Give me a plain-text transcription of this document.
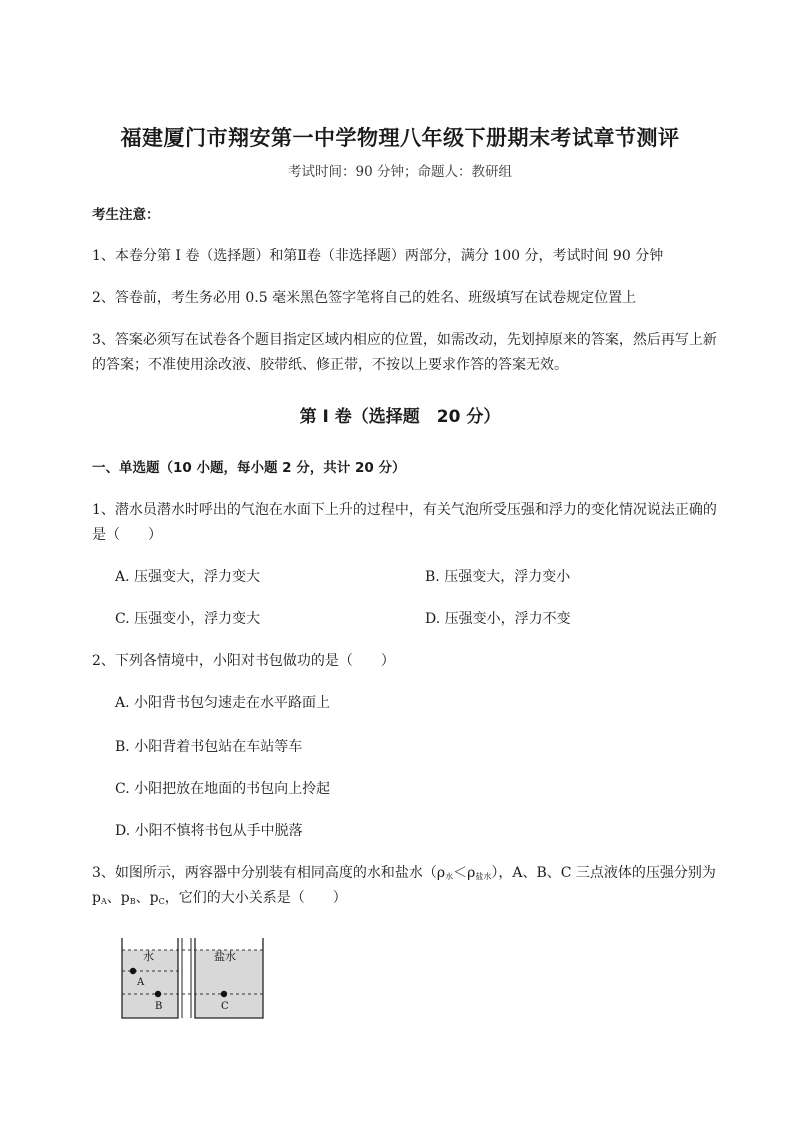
福建厦门市翔安第一中学物理八年级下册期末考试章节测评
考试时间：90 分钟；命题人：教研组
考生注意：
1、本卷分第 I 卷（选择题）和第Ⅱ卷（非选择题）两部分，满分 100 分，考试时间 90 分钟
2、答卷前，考生务必用 0.5 毫米黑色签字笔将自己的姓名、班级填写在试卷规定位置上
3、答案必须写在试卷各个题目指定区域内相应的位置，如需改动，先划掉原来的答案，然后再写上新
的答案；不准使用涂改液、胶带纸、修正带，不按以上要求作答的答案无效。
第 I 卷（选择题　20 分）
一、单选题（10 小题，每小题 2 分，共计 20 分）
1、潜水员潜水时呼出的气泡在水面下上升的过程中，有关气泡所受压强和浮力的变化情况说法正确的
是（　　）
A. 压强变大，浮力变大	B. 压强变大，浮力变小
C. 压强变小，浮力变大	D. 压强变小，浮力不变
2、下列各情境中，小阳对书包做功的是（　　）
A. 小阳背书包匀速走在水平路面上
B. 小阳背着书包站在车站等车
C. 小阳把放在地面的书包向上拎起
D. 小阳不慎将书包从手中脱落
3、如图所示，两容器中分别装有相同高度的水和盐水$(\rho_水<\rho_{盐水})$，A、B、C 三点液体的压强分别为
$p_A$、$p_B$、$p_C$，它们的大小关系是（　　）
水	盐水
A
B	C
